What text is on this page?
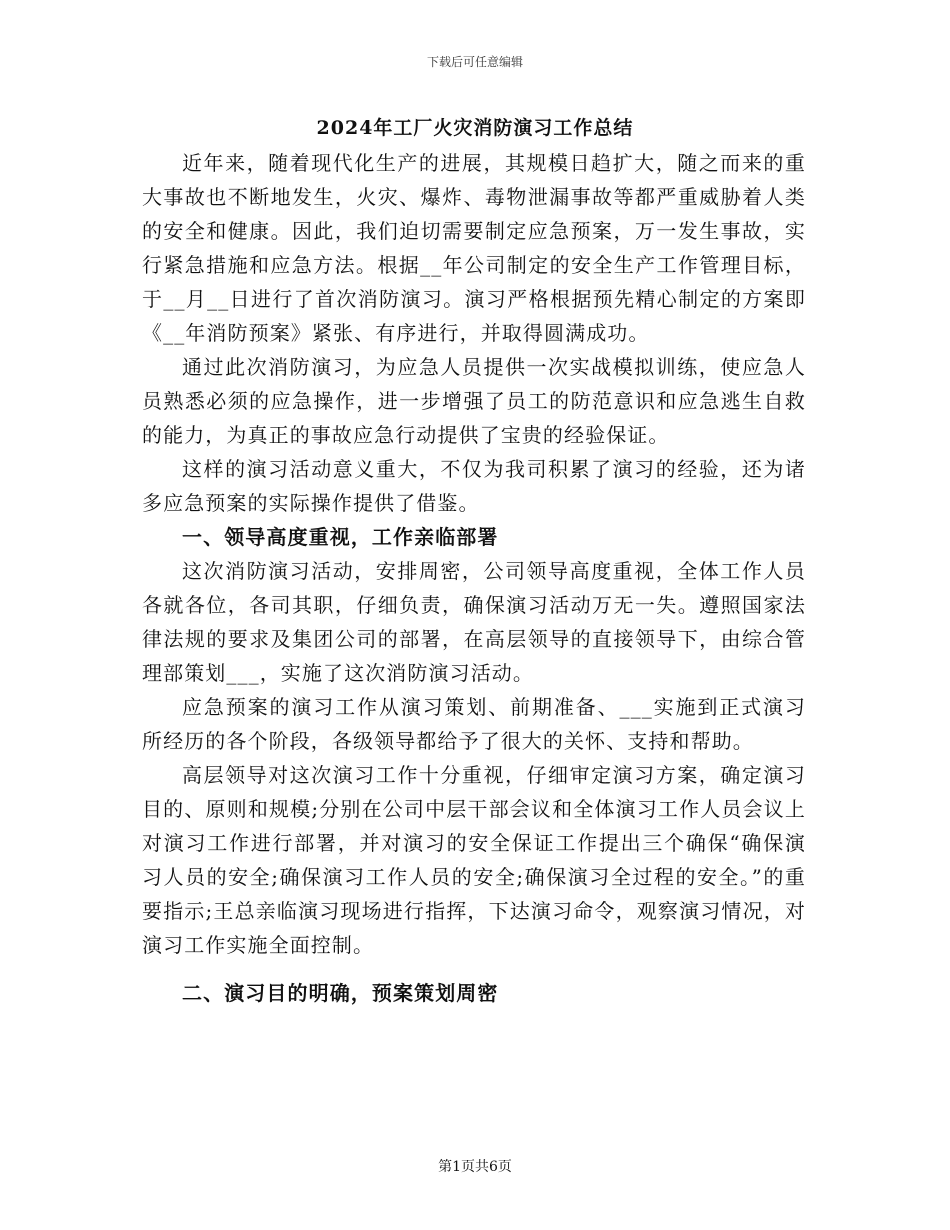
下载后可任意编辑
2024年工厂火灾消防演习工作总结

近年来，随着现代化生产的进展，其规模日趋扩大，随之而来的重大事故也不断地发生，火灾、爆炸、毒物泄漏事故等都严重威胁着人类的安全和健康。因此，我们迫切需要制定应急预案，万一发生事故，实行紧急措施和应急方法。根据__年公司制定的安全生产工作管理目标，于__月__日进行了首次消防演习。演习严格根据预先精心制定的方案即《__年消防预案》紧张、有序进行，并取得圆满成功。

通过此次消防演习，为应急人员提供一次实战模拟训练，使应急人员熟悉必须的应急操作，进一步增强了员工的防范意识和应急逃生自救的能力，为真正的事故应急行动提供了宝贵的经验保证。

这样的演习活动意义重大，不仅为我司积累了演习的经验，还为诸多应急预案的实际操作提供了借鉴。

一、领导高度重视，工作亲临部署

这次消防演习活动，安排周密，公司领导高度重视，全体工作人员各就各位，各司其职，仔细负责，确保演习活动万无一失。遵照国家法律法规的要求及集团公司的部署，在高层领导的直接领导下，由综合管理部策划___，实施了这次消防演习活动。

应急预案的演习工作从演习策划、前期准备、___实施到正式演习所经历的各个阶段，各级领导都给予了很大的关怀、支持和帮助。

高层领导对这次演习工作十分重视，仔细审定演习方案，确定演习目的、原则和规模;分别在公司中层干部会议和全体演习工作人员会议上对演习工作进行部署，并对演习的安全保证工作提出三个确保“确保演习人员的安全;确保演习工作人员的安全;确保演习全过程的安全。”的重要指示;王总亲临演习现场进行指挥，下达演习命令，观察演习情况，对演习工作实施全面控制。

二、演习目的明确，预案策划周密

第1页共6页
